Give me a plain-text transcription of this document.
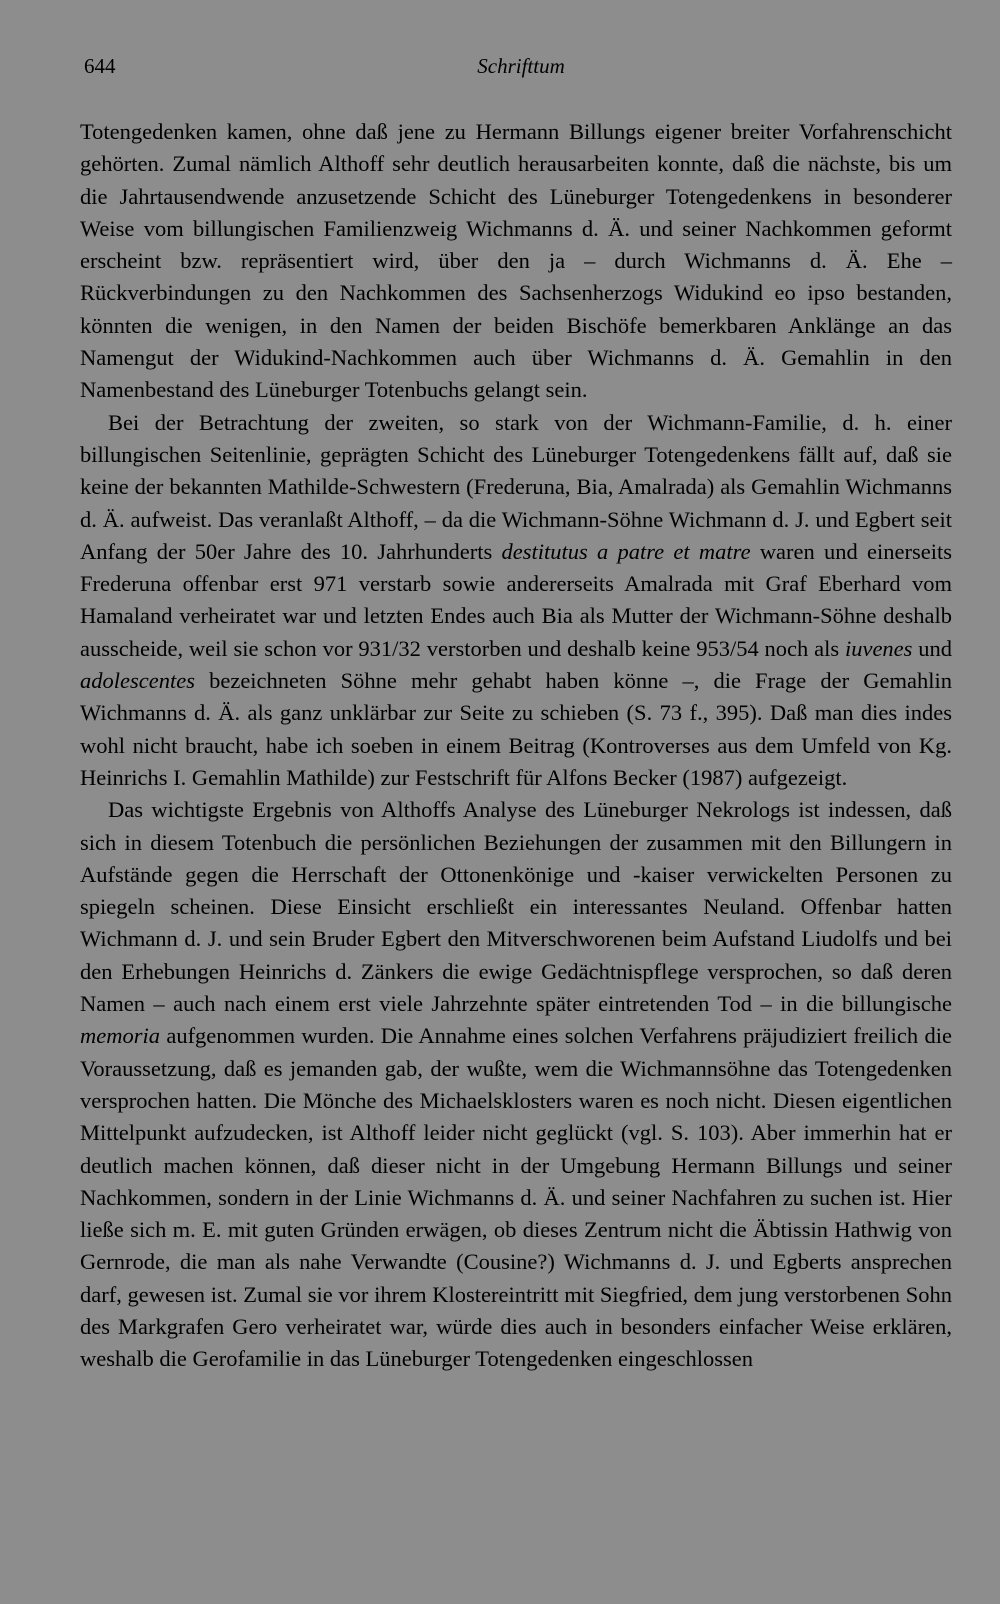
644	Schrifttum

Totengedenken kamen, ohne daß jene zu Hermann Billungs eigener breiter Vorfahrenschicht gehörten. Zumal nämlich Althoff sehr deutlich herausarbeiten konnte, daß die nächste, bis um die Jahrtausendwende anzusetzende Schicht des Lüneburger Totengedenkens in besonderer Weise vom billungischen Familienzweig Wichmanns d. Ä. und seiner Nachkommen geformt erscheint bzw. repräsentiert wird, über den ja – durch Wichmanns d. Ä. Ehe – Rückverbindungen zu den Nachkommen des Sachsenherzogs Widukind eo ipso bestanden, könnten die wenigen, in den Namen der beiden Bischöfe bemerkbaren Anklänge an das Namengut der Widukind-Nachkommen auch über Wichmanns d. Ä. Gemahlin in den Namenbestand des Lüneburger Totenbuchs gelangt sein.

Bei der Betrachtung der zweiten, so stark von der Wichmann-Familie, d. h. einer billungischen Seitenlinie, geprägten Schicht des Lüneburger Totengedenkens fällt auf, daß sie keine der bekannten Mathilde-Schwestern (Frederuna, Bia, Amalrada) als Gemahlin Wichmanns d. Ä. aufweist. Das veranlaßt Althoff, – da die Wichmann-Söhne Wichmann d. J. und Egbert seit Anfang der 50er Jahre des 10. Jahrhunderts destitutus a patre et matre waren und einerseits Frederuna offenbar erst 971 verstarb sowie andererseits Amalrada mit Graf Eberhard vom Hamaland verheiratet war und letzten Endes auch Bia als Mutter der Wichmann-Söhne deshalb ausscheide, weil sie schon vor 931/32 verstorben und deshalb keine 953/54 noch als iuvenes und adolescentes bezeichneten Söhne mehr gehabt haben könne –, die Frage der Gemahlin Wichmanns d. Ä. als ganz unklärbar zur Seite zu schieben (S. 73 f., 395). Daß man dies indes wohl nicht braucht, habe ich soeben in einem Beitrag (Kontroverses aus dem Umfeld von Kg. Heinrichs I. Gemahlin Mathilde) zur Festschrift für Alfons Becker (1987) aufgezeigt.

Das wichtigste Ergebnis von Althoffs Analyse des Lüneburger Nekrologs ist indessen, daß sich in diesem Totenbuch die persönlichen Beziehungen der zusammen mit den Billungern in Aufstände gegen die Herrschaft der Ottonenkönige und -kaiser verwickelten Personen zu spiegeln scheinen. Diese Einsicht erschließt ein interessantes Neuland. Offenbar hatten Wichmann d. J. und sein Bruder Egbert den Mitverschworenen beim Aufstand Liudolfs und bei den Erhebungen Heinrichs d. Zänkers die ewige Gedächtnispflege versprochen, so daß deren Namen – auch nach einem erst viele Jahrzehnte später eintretenden Tod – in die billungische memoria aufgenommen wurden. Die Annahme eines solchen Verfahrens präjudiziert freilich die Voraussetzung, daß es jemanden gab, der wußte, wem die Wichmannsöhne das Totengedenken versprochen hatten. Die Mönche des Michaelsklosters waren es noch nicht. Diesen eigentlichen Mittelpunkt aufzudecken, ist Althoff leider nicht geglückt (vgl. S. 103). Aber immerhin hat er deutlich machen können, daß dieser nicht in der Umgebung Hermann Billungs und seiner Nachkommen, sondern in der Linie Wichmanns d. Ä. und seiner Nachfahren zu suchen ist. Hier ließe sich m. E. mit guten Gründen erwägen, ob dieses Zentrum nicht die Äbtissin Hathwig von Gernrode, die man als nahe Verwandte (Cousine?) Wichmanns d. J. und Egberts ansprechen darf, gewesen ist. Zumal sie vor ihrem Klostereintritt mit Siegfried, dem jung verstorbenen Sohn des Markgrafen Gero verheiratet war, würde dies auch in besonders einfacher Weise erklären, weshalb die Gerofamilie in das Lüneburger Totengedenken eingeschlossen
